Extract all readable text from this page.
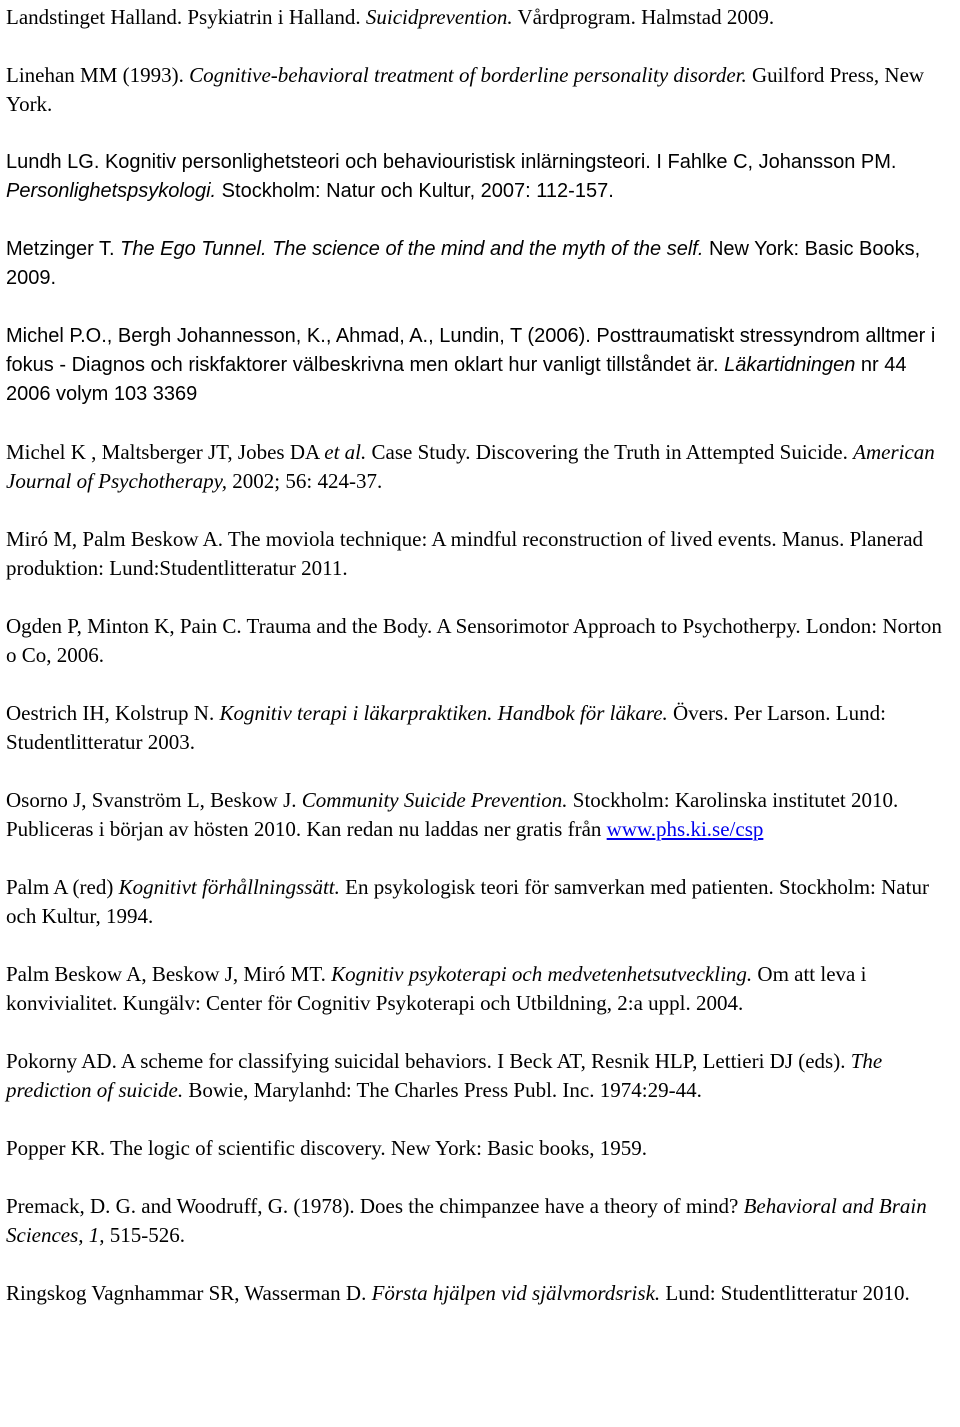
Landstinget Halland. Psykiatrin i Halland. Suicidprevention. Vårdprogram. Halmstad 2009.

Linehan MM (1993). Cognitive-behavioral treatment of borderline personality disorder. Guilford Press, New York.

Lundh LG. Kognitiv personlighetsteori och behaviouristisk inlärningsteori. I Fahlke C, Johansson PM. Personlighetspsykologi. Stockholm: Natur och Kultur, 2007: 112-157.

Metzinger T. The Ego Tunnel. The science of the mind and the myth of the self. New York: Basic Books, 2009.

Michel P.O., Bergh Johannesson, K., Ahmad, A., Lundin, T (2006). Posttraumatiskt stressyndrom alltmer i fokus - Diagnos och riskfaktorer välbeskrivna men oklart hur vanligt tillståndet är. Läkartidningen nr 44 2006 volym 103 3369

Michel K , Maltsberger JT, Jobes DA et al. Case Study. Discovering the Truth in Attempted Suicide. American Journal of Psychotherapy, 2002; 56: 424-37.

Miró M, Palm Beskow A. The moviola technique: A mindful reconstruction of lived events. Manus. Planerad produktion: Lund:Studentlitteratur 2011.

Ogden P, Minton K, Pain C. Trauma and the Body. A Sensorimotor Approach to Psychotherpy. London: Norton o Co, 2006.

Oestrich IH, Kolstrup N. Kognitiv terapi i läkarpraktiken. Handbok för läkare. Övers. Per Larson. Lund: Studentlitteratur 2003.

Osorno J, Svanström L, Beskow J. Community Suicide Prevention. Stockholm: Karolinska institutet 2010. Publiceras i början av hösten 2010. Kan redan nu laddas ner gratis från www.phs.ki.se/csp

Palm A (red) Kognitivt förhållningssätt. En psykologisk teori för samverkan med patienten. Stockholm: Natur och Kultur, 1994.

Palm Beskow A, Beskow J, Miró MT. Kognitiv psykoterapi och medvetenhetsutveckling. Om att leva i konvivialitet. Kungälv: Center för Cognitiv Psykoterapi och Utbildning, 2:a uppl. 2004.

Pokorny AD. A scheme for classifying suicidal behaviors. I Beck AT, Resnik HLP, Lettieri DJ (eds). The prediction of suicide. Bowie, Marylanhd: The Charles Press Publ. Inc. 1974:29-44.

Popper KR. The logic of scientific discovery. New York: Basic books, 1959.

Premack, D. G. and Woodruff, G. (1978). Does the chimpanzee have a theory of mind? Behavioral and Brain Sciences, 1, 515-526.

Ringskog Vagnhammar SR, Wasserman D. Första hjälpen vid självmordsrisk. Lund: Studentlitteratur 2010.
